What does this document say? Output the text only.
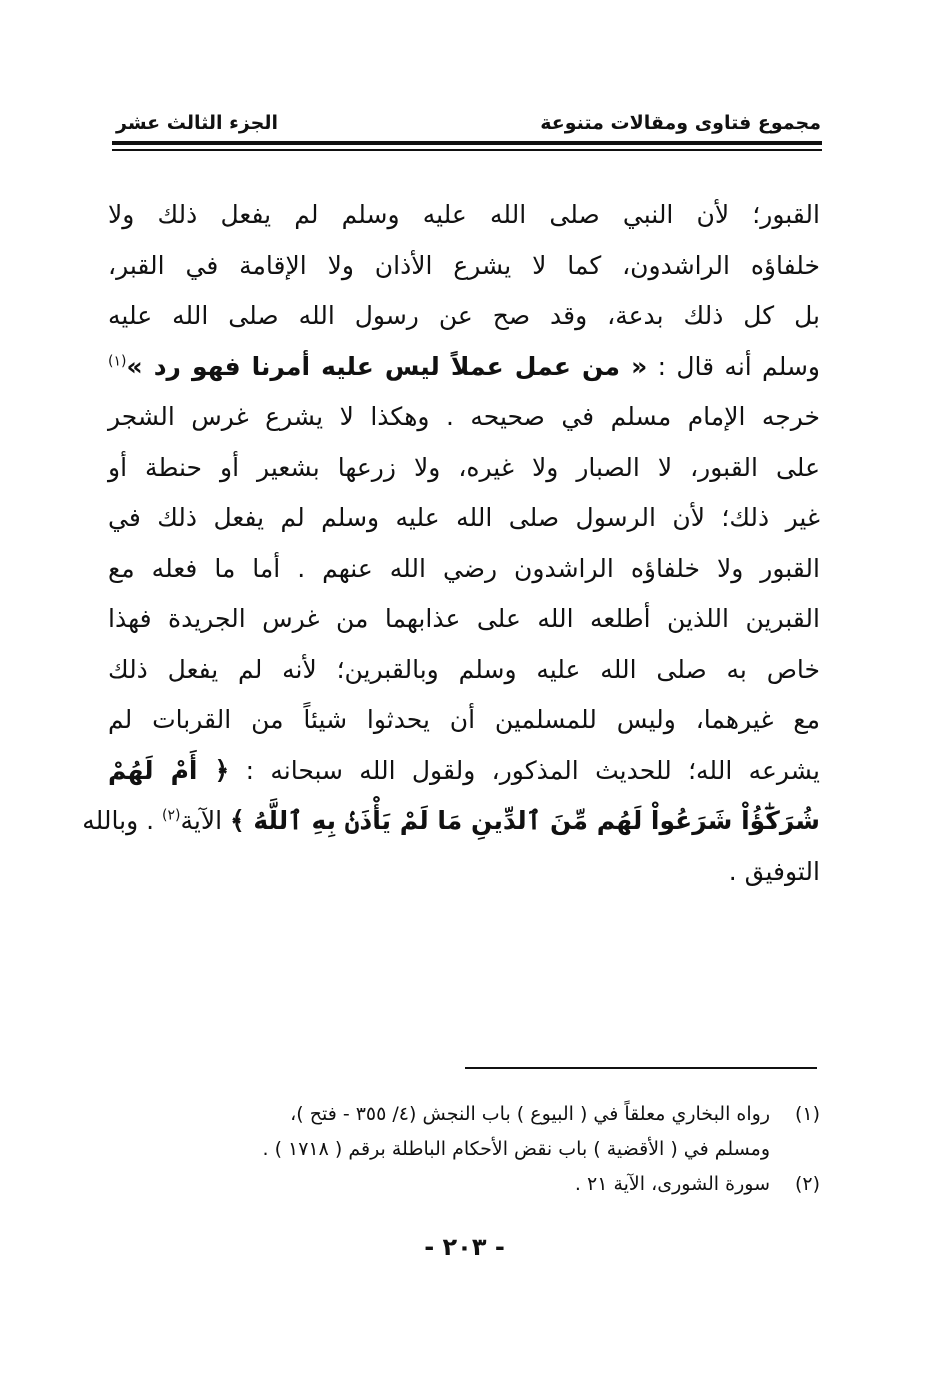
مجموع فتاوى ومقالات متنوعة
الجزء الثالث عشر
القبور؛ لأن النبي صلى الله عليه وسلم لم يفعل ذلك ولا
خلفاؤه الراشدون، كما لا يشرع الأذان ولا الإقامة في القبر،
بل كل ذلك بدعة، وقد صح عن رسول الله صلى الله عليه
وسلم أنه قال : « من عمل عملاً ليس عليه أمرنا فهو رد »$^{(١)}$
خرجه الإمام مسلم في صحيحه . وهكذا لا يشرع غرس الشجر
على القبور، لا الصبار ولا غيره، ولا زرعها بشعير أو حنطة أو
غير ذلك؛ لأن الرسول صلى الله عليه وسلم لم يفعل ذلك في
القبور ولا خلفاؤه الراشدون رضي الله عنهم . أما ما فعله مع
القبرين اللذين أطلعه الله على عذابهما من غرس الجريدة فهذا
خاص به صلى الله عليه وسلم وبالقبرين؛ لأنه لم يفعل ذلك
مع غيرهما، وليس للمسلمين أن يحدثوا شيئاً من القربات لم
يشرعه الله؛ للحديث المذكور، ولقول الله سبحانه : ﴿ أَمْ لَهُمْ
شُرَكَٰٓؤُاْ شَرَعُواْ لَهُم مِّنَ ٱلدِّينِ مَا لَمْ يَأْذَنۢ بِهِ ٱللَّهُ ﴾ الآية$^{(٢)}$ . وبالله
التوفيق .
(١)رواه البخاري معلقاً في ( البيوع ) باب النجش (٤/ ٣٥٥ - فتح )،
ومسلم في ( الأقضية ) باب نقض الأحكام الباطلة برقم ( ١٧١٨ ) .
(٢)سورة الشورى، الآية ٢١ .
- ٢٠٣ -
